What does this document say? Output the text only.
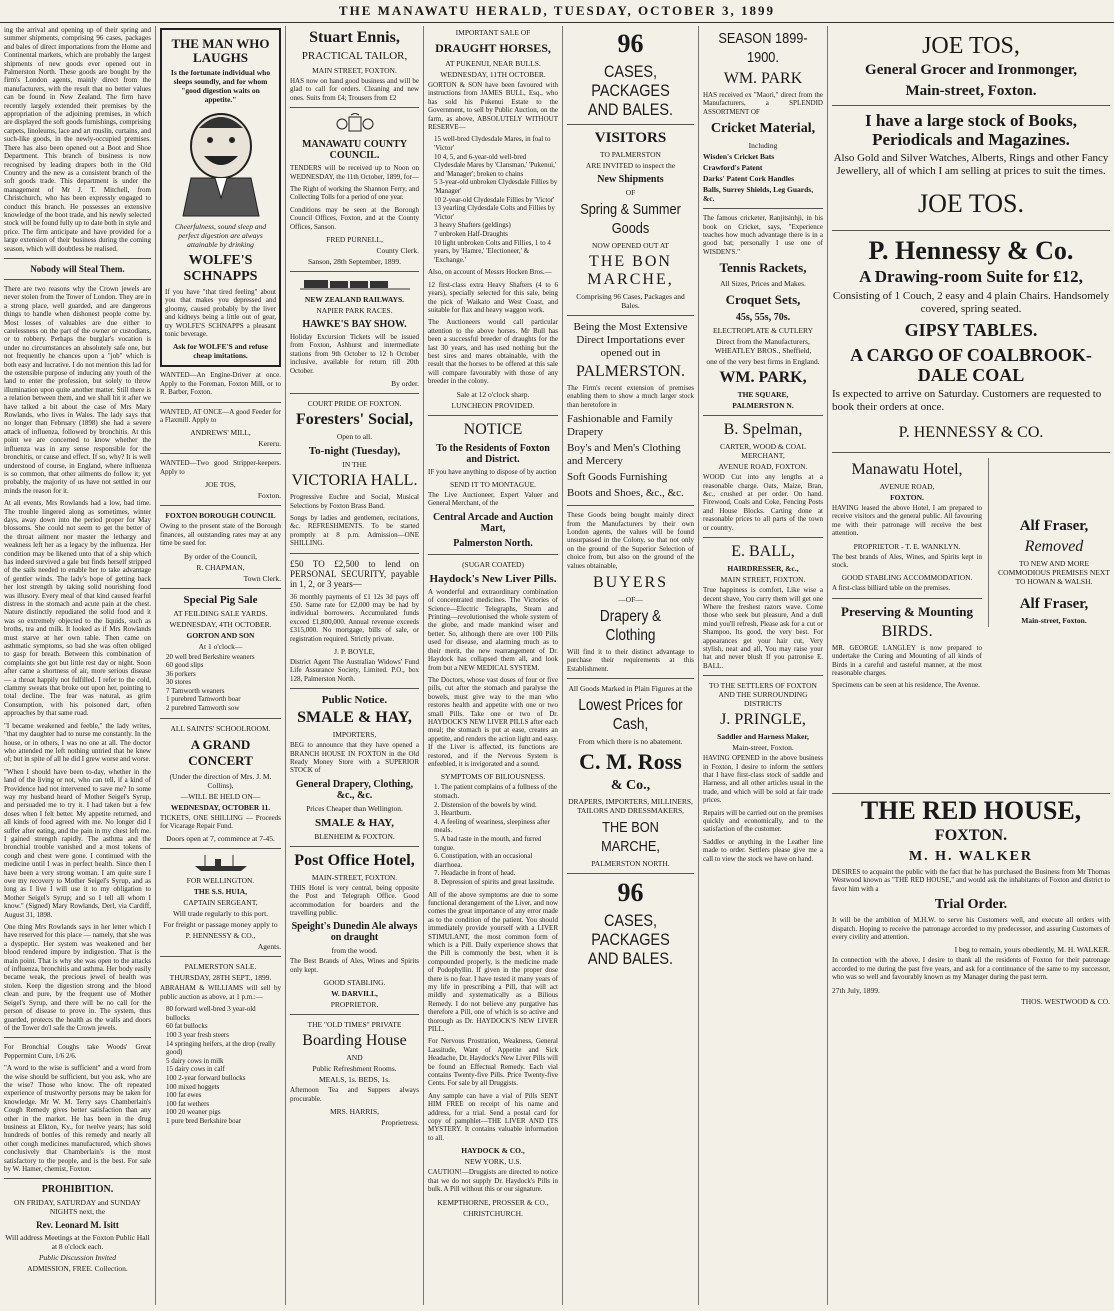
THE MANAWATU HERALD, TUESDAY, OCTOBER 3, 1899

ing the arrival and opening up of their spring and summer shipments, comprising 96 cases, packages and bales of direct importations from the Home and Continental markets, which are probably the largest shipments of new goods ever opened out in Palmerston North. These goods are bought by the firm's London agents, mainly direct from the manufacturers, with the result that no better values can be found in New Zealand. The firm have recently largely extended their premises by the appropriation of the adjoining premises, in which are displayed the soft goods furnishings, comprising carpets, linoleums, lace and art muslin, curtains, and such-like goods, in the newly-occupied premises. There has also been opened out a Boot and Shoe Department. This branch of business is now recognised by leading drapers both in the Old Country and the new as a consistent branch of the soft goods trade. This department is under the management of Mr J. T. Mitchell, from Christchurch, who has been expressly engaged to conduct this branch. He possesses an extensive knowledge of the boot trade, and his newly selected stock will be found fully up to date both in style and price. The firm anticipate and have provided for a large extension of their business during the coming season, which will doubtless be realised.

Nobody will Steal Them.

There are two reasons why the Crown jewels are never stolen from the Tower of London. They are in a strong place, well guarded, and are dangerous things to handle when dishonest people come by. Most losses of valuables are due either to carelessness on the part of the owner or custodians, or to robbery. Perhaps the burglar's vocation is under no circumstances an absolutely safe one, but not frequently he chances upon a "job" which is both easy and lucrative. I do not mention this lad for the ostensible purpose of inducing any youth of the land to enter the profession, but solely to throw illumination upon quite another matter. Still there is a relation between them, and we shall hit it after we have talked a bit about the case of Mrs Mary Rowlands, who lives in Wales. The lady says that no longer than February (1898) she had a severe attack of influenza, followed by bronchitis. At this point we are concerned to know whether the influenza was in any sense responsible for the bronchitis, or cause and effect. If so, why? It is well understood of course, in England, where influenza is so common, that other ailments do follow it; yet probably, the majority of us have not settled in our minds the reason for it.

At all events, Mrs Rowlands had a low, bad time. The trouble lingered along as sometimes, winter days, away down into the period proper for May blossoms. She could not seem to get the better of the throat ailment nor master the lethargy and weakness left her as a legacy by the influenza. Her condition may be likened unto that of a ship which has indeed survived a gale but finds herself stripped of the sails needed to enable her to take advantage of gentler winds. The lady's hope of getting back her lost strength by taking solid nourishing food was illusory. Every meal of that kind caused fearful distress in the stomach and acute pain at the chest. Nature distinctly repudiated the solid food and it was so extremely objected to the liquids, such as broths, tea and milk. It looked as if Mrs Rowlands must starve at her own table. Then came on asthmatic symptoms, so bad she was often obliged to gasp for breath. Between this combination of complaints she got but little rest day or night. Soon after came a shortness of air, more serious disease — a throat happily not fulfilled. I refer to the cold, clammy sweats that broke out upon her, pointing to total decline. The fear was natural, as grim Consumption, with his poisoned dart, often approaches by that same road.

"I became weakened and feeble," the lady writes, "that my daughter had to nurse me constantly. In the house, or in others, I was no one at all. The doctor who attended me left nothing untried that he knew of; but in spite of all he did I grew worse and worse.

"When I should have been to-day, whether in the land of the living or not, who can tell, if a kind of Providence had not intervened to save me? In some way my husband heard of Mother Seigel's Syrup, and persuaded me to try it. I had taken but a few doses when I felt better. My appetite returned, and all kinds of food agreed with me. No longer did I suffer after eating, and the pain in my chest left me. I gained strength rapidly. The asthma and the bronchial trouble vanished and a most tokens of cough and chest were gone. I continued with the medicine until I was in perfect health. Since then I have been a very strong woman. I am quite sure I owe my recovery to Mother Seigel's Syrup, and as long as I live I will use it to my obligation to Mother Seigel's Syrup; and so I tell all whom I know." (Signed) Mary Rowlands, Derl, via Cardiff, August 31, 1898.

One thing Mrs Rowlands says in her letter which I have reserved for this place — namely, that she was a dyspeptic. Her system was weakened and her blood rendered impure by indigestion. That is the main point. That is why she was open to the attacks of influenza, bronchitis and asthma. Her body easily became weak, the precious jewel of health was stolen. Keep the digestion strong and the blood clean and pure, by the frequent use of Mother Seigel's Syrup, and there will be no call for the person of disease to prove in. The system, thus guarded, protects the health as the walls and doors of the Tower do'l safe the Crown jewels.

For Bronchial Coughs take Woods' Great Peppermint Cure, 1/6 2/6.

"A word to the wise is sufficient" and a word from the wise should be sufficient, but you ask, who are the wise? Those who know. The oft repeated experience of trustworthy persons may be taken for knowledge. Mr W. M. Terry says Chamberlain's Cough Remedy gives better satisfaction than any other in the market. He has been in the drug business at Elkton, Ky., for twelve years; has sold hundreds of bottles of this remedy and nearly all other cough medicines manufactured, which shows conclusively that Chamberlain's is the most satisfactory to the people, and is the best. For sale by W. Hamer, chemist, Foxton.

PROHIBITION.
ON FRIDAY, SATURDAY and SUNDAY NIGHTS next, the
Rev. Leonard M. Isitt
Will address Meetings at the Foxton Public Hall at 8 o'clock each.
Public Discussion Invited
ADMISSION, FREE. Collection.
THE MAN WHO LAUGHS
Is the fortunate individual who sleeps soundly, and for whom "good digestion waits on appetite."
Cheerfulness, sound sleep and perfect digestion are always attainable by drinking
WOLFE'S SCHNAPPS

If you have "that tired feeling" about you that makes you depressed and gloomy, caused probably by the liver and kidneys being a little out of gear, try WOLFE'S SCHNAPPS a pleasant tonic beverage.

Ask for WOLFE'S and refuse cheap imitations.

WANTED—An Engine-Driver at once. Apply to the Foreman, Foxton Mill, or to R. Barber, Foxton.

WANTED, AT ONCE—A good Feeder for a Flaxmill. Apply to

ANDREWS' MILL,
Kereru.

WANTED—Two good Stripper-keepers. Apply to

JOE TOS,
Foxton.
FOXTON BOROUGH COUNCIL

Owing to the present state of the Borough finances, all outstanding rates may at any time be sued for.

By order of the Council,
R. CHAPMAN,
Town Clerk.
Special Pig Sale
AT FEILDING SALE YARDS.
WEDNESDAY, 4TH OCTOBER.
GORTON AND SON
At 1 o'clock—
20 well bred Berkshire weaners
60 good slips
36 porkers
30 stores
7 Tamworth weaners
1 purebred Tamworth boar
2 purebred Tamworth sow
ALL SAINTS' SCHOOLROOM.
A GRAND CONCERT
(Under the direction of Mrs. J. M. Collins),
—WILL BE HELD ON—
WEDNESDAY, OCTOBER 11.

TICKETS, ONE SHILLING — Proceeds for Vicarage Repair Fund.

Doors open at 7, commence at 7-45.
FOR WELLINGTON.
THE S.S. HUIA,
CAPTAIN SERGEANT,
Will trade regularly to this port.
For freight or passage money apply to
P. HENNESSY & CO.,
Agents.
PALMERSTON SALE.
THURSDAY, 28TH SEPT., 1899.

ABRAHAM & WILLIAMS will sell by public auction as above, at 1 p.m.:—

80 forward well-bred 3 year-old bullocks
60 fat bullocks
100 3 year fresh steers
14 springing heifers, at the drop (really good)
5 dairy cows in milk
15 dairy cows in calf
100 2-year forward bullocks
100 mixed hoggets
100 fat ewes
100 fat wethers
100 20 weaner pigs
1 pure bred Berkshire boar
Stuart Ennis,
PRACTICAL TAILOR,
MAIN STREET, FOXTON.

HAS now on hand good business and will be glad to call for orders. Cleaning and new ones. Suits from £4; Trousers from £2

MANAWATU COUNTY COUNCIL.

TENDERS will be received up to Noon on WEDNESDAY, the 11th October, 1899, for—

The Right of working the Shannon Ferry, and Collecting Tolls for a period of one year.

Conditions may be seen at the Borough Council Offices, Foxton, and at the County Offices, Sanson.

FRED PURNELL,
County Clerk.
Sanson, 28th September, 1899.
NEW ZEALAND RAILWAYS.
NAPIER PARK RACES.
HAWKE'S BAY SHOW.

Holiday Excursion Tickets will be issued from Foxton, Ashhurst and intermediate stations from 9th October to 12 h October inclusive, available for return till 20th October.

By order.
COURT PRIDE OF FOXTON.
Foresters' Social,
Open to all.
To-night (Tuesday),
IN THE
VICTORIA HALL.

Progressive Euchre and Social, Musical Selections by Foxton Brass Band.

Songs by ladies and gentlemen, recitations, &c. REFRESHMENTS. To be started promptly at 8 p.m. Admission—ONE SHILLING.

£50 TO £2,500 to lend on PERSONAL SECURITY, payable in 1, 2, or 3 years—

36 monthly payments of £1 12s 3d pays off £50. Same rate for £2,000 may be had by individual borrowers. Accumulated funds exceed £1,800,000. Annual revenue exceeds £315,000. No mortgage, bills of sale, or registration required. Strictly private.

J. P. BOYLE,

District Agent The Australian Widows' Fund Life Assurance Society, Limited. P.O., box 128, Palmerston North.

Public Notice.
SMALE & HAY,
IMPORTERS,

BEG to announce that they have opened a BRANCH HOUSE IN FOXTON in the Old Ready Money Store with a SUPERIOR STOCK of

General Drapery, Clothing, &c., &c.
Prices Cheaper than Wellington.
SMALE & HAY,
BLENHEIM & FOXTON.
Post Office Hotel,
MAIN-STREET, FOXTON.

THIS Hotel is very central, being opposite the Post and Telegraph Office. Good accommodation for boarders and the travelling public.

Speight's Dunedin Ale always on draught
from the wood.

The Best Brands of Ales, Wines and Spirits only kept.

GOOD STABLING.
W. DARVILL,
PROPRIETOR.
THE "OLD TIMES" PRIVATE
Boarding House
AND
Public Refreshment Rooms.
MEALS, 1s. BEDS, 1s.

Afternoon Tea and Suppers always procurable.

MRS. HARRIS,
Proprietress.
IMPORTANT SALE OF
DRAUGHT HORSES,
AT PUKENUI, NEAR BULLS.
WEDNESDAY, 11TH OCTOBER.

GORTON & SON have been favoured with instructions from JAMES BULL, Esq., who has sold his Pukenui Estate to the Government, to sell by Public Auction, on the farm, as above, ABSOLUTELY WITHOUT RESERVE—

15 well-bred Clydesdale Mares, in foal to 'Victor'
10 4, 5, and 6-year-old well-bred Clydesdale Mares by 'Clansman,' 'Pukenui,' and 'Manager'; broken to chains
5 3-year-old unbroken Clydesdale Fillies by 'Manager'
10 2-year-old Clydesdale Fillies by 'Victor'
13 yearling Clydesdale Colts and Fillies by 'Victor'
3 heavy Shafters (geldings)
7 unbroken Half-Draughts
10 light unbroken Colts and Fillies, 1 to 4 years, by 'Hamre,' 'Electioneer,' & 'Exchange.'

Also, on account of Messrs Hocken Bros.—

12 first-class extra Heavy Shafters (4 to 6 years), specially selected for this sale, being the pick of Waikato and West Coast, and suitable for flax and heavy waggon work.

The Auctioneers would call particular attention to the above horses. Mr Bull has been a successful breeder of draughts for the last 30 years, and has used nothing but the best sires and mares obtainable, with the result that the horses to be offered at this sale will compare favourably with those of any breeder in the colony.

Sale at 12 o'clock sharp.
LUNCHEON PROVIDED.
NOTICE
To the Residents of Foxton and District.

IF you have anything to dispose of by auction

SEND IT TO MONTAGUE.

The Live Auctioneer, Expert Valuer and General Merchant, of the

Central Arcade and Auction Mart,
Palmerston North.
(SUGAR COATED)
Haydock's New Liver Pills.

A wonderful and extraordinary combination of concentrated medicines. The Victories of Science—Electric Telegraphs, Steam and Printing—revolutionised the whole system of the globe, and made mankind wiser and better. So, although there are over 100 Pills used for disease, and alarming much as to their merit, the new rearrangement of Dr. Haydock has collapsed them all, and look from but a NEW MEDICAL SYSTEM.

The Doctors, whose vast doses of four or five pills, cut after the stomach and paralyse the bowels, must give way to the man who restores health and appetite with one or two small Pills. Take one or two of Dr. HAYDOCK'S NEW LIVER PILLS after each meal; the stomach is put at ease, creates an appetite, and renders the action light and easy. If the Liver is affected, its functions are restored, and if the Nervous System is enfeebled, it is invigorated and a sound.

SYMPTOMS OF BILIOUSNESS.
1. The patient complains of a fullness of the stomach.
2. Distension of the bowels by wind.
3. Heartburn.
4. A feeling of weariness, sleepiness after meals.
5. A bad taste in the mouth, and furred tongue.
6. Constipation, with an occasional diarrhoea.
7. Headache in front of head.
8. Depression of spirits and great lassitude.

All of the above symptoms are due to some functional derangement of the Liver, and now comes the great importance of any error made as to the condition of the patient. You should immediately provide yourself with a LIVER STIMULANT, the most common form of which is a Pill. Daily experience shows that the Pill is commonly the best, when it is compounded properly, is the medicine made of Podophyllin. If given in the proper dose there is no fear. I have tested it many years of my life in prescribing a Pill, that will act mildly and systematically as a Bilious Remedy. I do not believe any purgative has therefore a Pill, one of which is so active and thorough as Dr. HAYDOCK'S NEW LIVER PILL.

For Nervous Prostration, Weakness, General Lassitude, Want of Appetite and Sick Headache, Dr. Haydock's New Liver Pills will be found an Effectual Remedy. Each vial contains Twenty-five Pills. Price Twenty-five Cents. For sale by all Druggists.

Any sample can have a vial of Pills SENT HIM FREE on receipt of his name and address, for a trial. Send a postal card for copy of pamphlet—THE LIVER AND ITS MYSTERY. It contains valuable information to all.

HAYDOCK & CO.,
NEW YORK, U.S.

CAUTION!—Druggists are directed to notice that we do not supply Dr. Haydock's Pills in bulk. A Pill without this or our signature.

KEMPTHORNE, PROSSER & CO.,
CHRISTCHURCH.
96
CASES, PACKAGES AND BALES.
VISITORS
TO PALMERSTON
ARE INVITED to inspect the
New Shipments
OF
Spring & Summer Goods
NOW OPENED OUT AT
THE BON MARCHE,
Comprising 96 Cases, Packages and Bales.
Being the Most Extensive Direct Importations ever opened out in
PALMERSTON.

The Firm's recent extension of premises enabling them to show a much larger stock than heretofore in

Fashionable and Family Drapery
Boy's and Men's Clothing and Mercery
Soft Goods Furnishing
Boots and Shoes, &c., &c.

These Goods being bought mainly direct from the Manufacturers by their own London agents, the values will be found unsurpassed in the Colony, so that not only on the ground of the Superior Selection of choice from, but also on the ground of the values obtainable,

BUYERS
—OF—
Drapery & Clothing

Will find it to their distinct advantage to purchase their requirements at this Establishment.

All Goods Marked in Plain Figures at the
Lowest Prices for Cash,
From which there is no abatement.
C. M. Ross
& Co.,
DRAPERS, IMPORTERS, MILLINERS, TAILORS AND DRESSMAKERS,
THE BON MARCHE,
PALMERSTON NORTH.
96
CASES, PACKAGES AND BALES.
SEASON 1899-1900.
WM. PARK

HAS received ex "Maori," direct from the Manufacturers, a SPLENDID ASSORTMENT OF

Cricket Material,
Including
Wisden's Cricket Bats
Crawford's Patent
Darks' Patent Cork Handles
Balls, Surrey Shields, Leg Guards, &c.

The famous cricketer, Ranjitsinhji, in his book on Cricket, says, "Experience teaches how much advantage there is in a good bat; personally I use one of WISDEN'S."

Tennis Rackets,
All Sizes, Prices and Makes.
Croquet Sets,
45s, 55s, 70s.
ELECTROPLATE & CUTLERY
Direct from the Manufacturers, WHEATLEY BROS., Sheffield,
one of the very best firms in England.
WM. PARK,
THE SQUARE,
PALMERSTON N.
B. Spelman,
CARTER, WOOD & COAL MERCHANT,
AVENUE ROAD, FOXTON.

WOOD Cut into any lengths at a reasonable charge. Oats, Maize, Bran, &c., crushed at per order. On hand. Firewood, Coals and Coke, Fencing Posts and House Blocks. Carting done at reasonable prices to all parts of the town or country.

E. BALL,
HAIRDRESSER, &c.,
MAIN STREET, FOXTON.

True happiness is comfort, Like wise a decent shave, You curry them will get one Where the freshest razors wave. Come those who seek but pleasure, And a dull mind you'll refresh, Please ask for a cut or Shampoo, Its good, the very best. For appearances get your hair cut, Very stylish, neat and all, You may raise your hat and never blush If you patronise E. BALL.

TO THE SETTLERS OF FOXTON AND THE SURROUNDING DISTRICTS
J. PRINGLE,
Saddler and Harness Maker,
Main-street, Foxton.

HAVING OPENED in the above business in Foxton, I desire to inform the settlers that I have first-class stock of saddle and Harness, and all other articles usual in the trade, and which will be sold at fair trade prices.

Repairs will be carried out on the premises quickly and economically, and to the satisfaction of the customer.

Saddles or anything in the Leather line made to order. Settlers please give me a call to view the stock we have on hand.

JOE TOS,
General Grocer and Ironmonger,
Main-street, Foxton.
I have a large stock of Books, Periodicals and Magazines.
Also Gold and Silver Watches, Alberts, Rings and other Fancy Jewellery, all of which I am selling at prices to suit the times.
JOE TOS.
P. Hennessy & Co.
A Drawing-room Suite for £12,
Consisting of 1 Couch, 2 easy and 4 plain Chairs. Handsomely covered, spring seated.
GIPSY TABLES.
A CARGO OF COALBROOK-DALE COAL
Is expected to arrive on Saturday. Customers are requested to book their orders at once.
P. HENNESSY & CO.
Manawatu Hotel,
AVENUE ROAD,
FOXTON.

HAVING leased the above Hotel, I am prepared to receive visitors and the general public. All favouring me with their patronage will receive the best attention.

PROPRIETOR - T. E. WANKLYN.

The best brands of Ales, Wines, and Spirits kept in stock.

GOOD STABLING ACCOMMODATION.

A first-class billiard table on the premises.

Preserving & Mounting
BIRDS.

MR. GEORGE LANGLEY is now prepared to undertake the Curing and Mounting of all kinds of Birds in a careful and tasteful manner, at the most reasonable charges.

Specimens can be seen at his residence, The Avenue.

Alf Fraser,
Removed
TO NEW AND MORE COMMODIOUS PREMISES NEXT TO HOWAN & WALSH.
Alf Fraser,
Main-street, Foxton.
THE RED HOUSE,
FOXTON.
M. H. WALKER

DESIRES to acquaint the public with the fact that he has purchased the Business from Mr Thomas Westwood known as "THE RED HOUSE," and would ask the inhabitants of Foxton and district to favor him with a

Trial Order.

It will be the ambition of M.H.W. to serve his Customers well, and execute all orders with dispatch. Hoping to receive the patronage accorded to my predecessor, and assuring Customers of every civility and attention.

I beg to remain, yours obediently, M. H. WALKER.

In connection with the above, I desire to thank all the residents of Foxton for their patronage accorded to me during the past five years, and ask for a continuance of the same to my successor, who was so well and favourably known as my Manager during the past term.

27th July, 1899.
THOS. WESTWOOD & CO.
